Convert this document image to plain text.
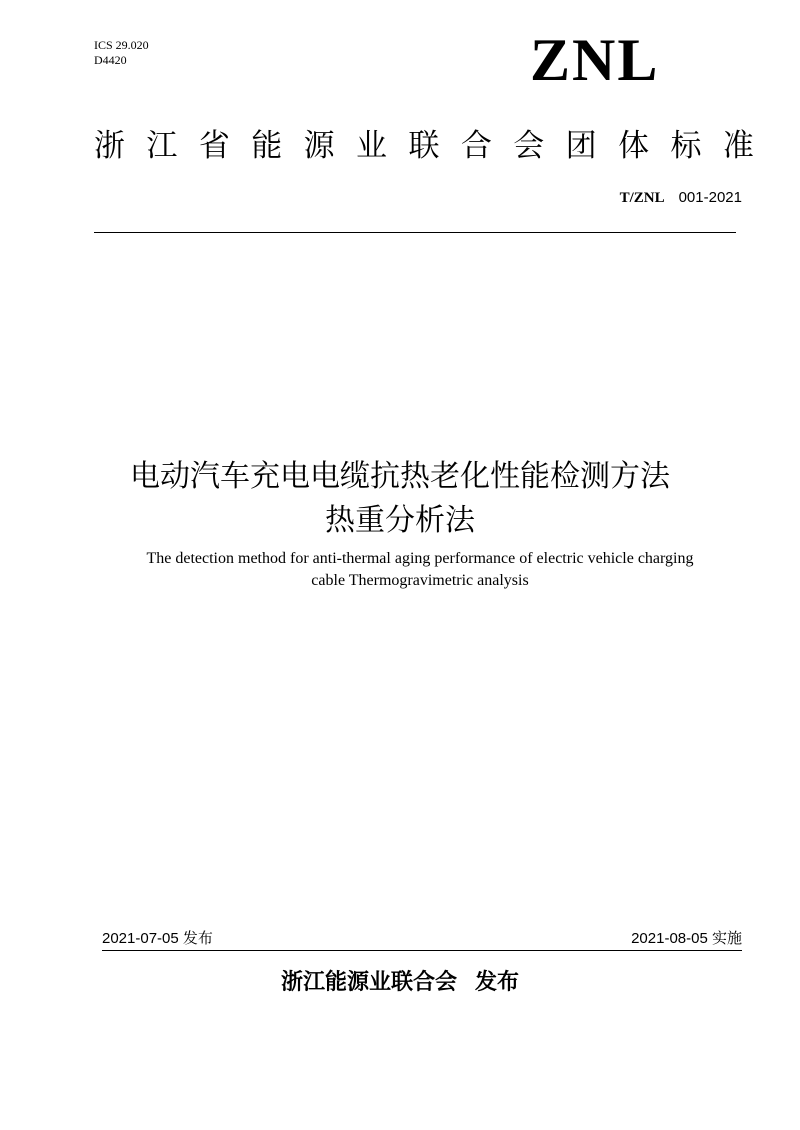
ICS 29.020
D4420	ZNL
浙 江 省 能 源 业 联 合 会 团 体 标 准
T/ZNL 001-2021
电动汽车充电电缆抗热老化性能检测方法
热重分析法
The detection method for anti-thermal aging performance of electric vehicle charging
cable Thermogravimetric analysis
2021-07-05 发布	2021-08-05 实施
浙江能源业联合会 发布
